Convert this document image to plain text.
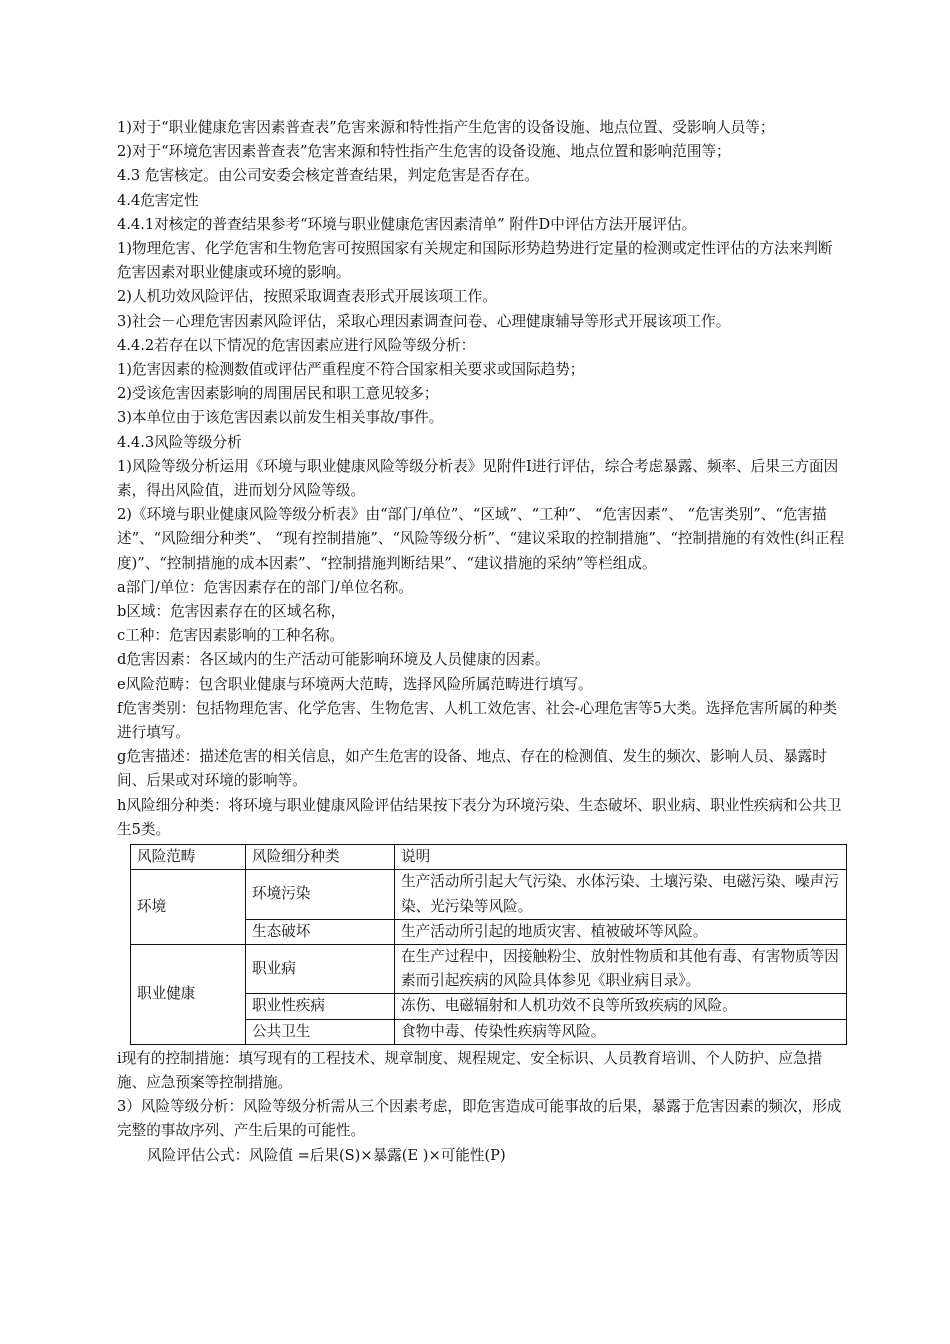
1)对于“职业健康危害因素普查表”危害来源和特性指产生危害的设备设施、地点位置、受影响人员等；

2)对于“环境危害因素普查表”危害来源和特性指产生危害的设备设施、地点位置和影响范围等；

4.3 危害核定。由公司安委会核定普查结果，判定危害是否存在。

4.4危害定性

4.4.1对核定的普查结果参考“环境与职业健康危害因素清单” 附件D中评估方法开展评估。

1)物理危害、化学危害和生物危害可按照国家有关规定和国际形势趋势进行定量的检测或定性评估的方法来判断危害因素对职业健康或环境的影响。

2)人机功效风险评估，按照采取调查表形式开展该项工作。

3)社会－心理危害因素风险评估，采取心理因素调查问卷、心理健康辅导等形式开展该项工作。

4.4.2若存在以下情况的危害因素应进行风险等级分析：

1)危害因素的检测数值或评估严重程度不符合国家相关要求或国际趋势；

2)受该危害因素影响的周围居民和职工意见较多；

3)本单位由于该危害因素以前发生相关事故/事件。

4.4.3风险等级分析

1)风险等级分析运用《环境与职业健康风险等级分析表》见附件I进行评估，综合考虑暴露、频率、后果三方面因素，得出风险值，进而划分风险等级。

2)《环境与职业健康风险等级分析表》由“部门/单位”、“区域”、“工种”、 “危害因素”、 “危害类别”、“危害描述”、“风险细分种类”、 “现有控制措施”、“风险等级分析”、“建议采取的控制措施”、“控制措施的有效性(纠正程度)”、“控制措施的成本因素”、“控制措施判断结果”、“建议措施的采纳”等栏组成。

a部门/单位：危害因素存在的部门/单位名称。

b区域：危害因素存在的区域名称，

c工种：危害因素影响的工种名称。

d危害因素：各区域内的生产活动可能影响环境及人员健康的因素。

e风险范畴：包含职业健康与环境两大范畴，选择风险所属范畴进行填写。

f危害类别：包括物理危害、化学危害、生物危害、人机工效危害、社会-心理危害等5大类。选择危害所属的种类进行填写。

g危害描述：描述危害的相关信息，如产生危害的设备、地点、存在的检测值、发生的频次、影响人员、暴露时间、后果或对环境的影响等。

h风险细分种类：将环境与职业健康风险评估结果按下表分为环境污染、生态破坏、职业病、职业性疾病和公共卫生5类。

风险范畴	风险细分种类	说明
环境	环境污染	生产活动所引起大气污染、水体污染、土壤污染、电磁污染、噪声污染、光污染等风险。
	生态破坏	生产活动所引起的地质灾害、植被破坏等风险。
职业健康	职业病	在生产过程中，因接触粉尘、放射性物质和其他有毒、有害物质等因素而引起疾病的风险具体参见《职业病目录》。
	职业性疾病	冻伤、电磁辐射和人机功效不良等所致疾病的风险。
	公共卫生	食物中毒、传染性疾病等风险。

i现有的控制措施：填写现有的工程技术、规章制度、规程规定、安全标识、人员教育培训、个人防护、应急措施、应急预案等控制措施。

3）风险等级分析：风险等级分析需从三个因素考虑，即危害造成可能事故的后果，暴露于危害因素的频次，形成完整的事故序列、产生后果的可能性。

风险评估公式：风险值 =后果(S)×暴露(E )×可能性(P)
